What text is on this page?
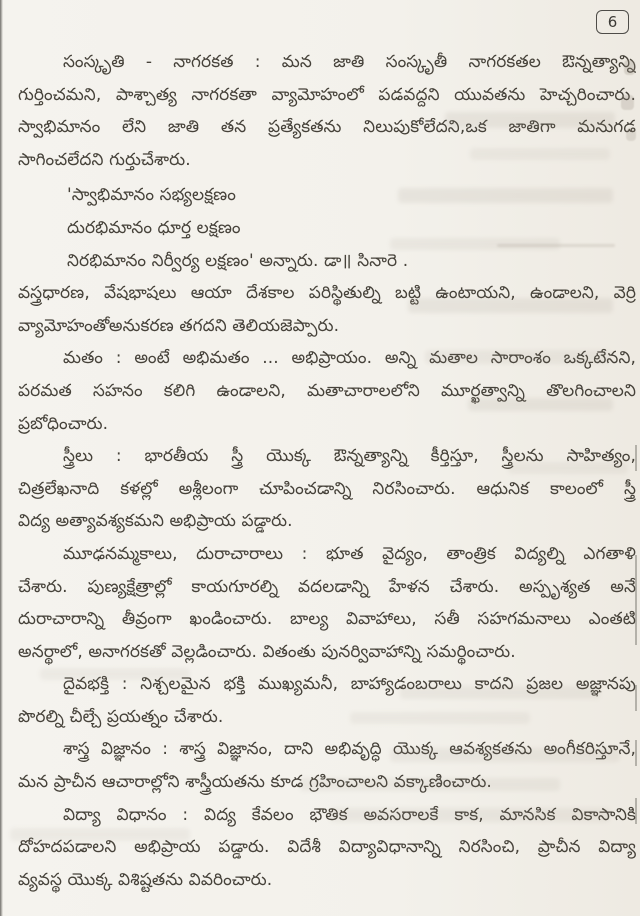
6
సంస్కృతి - నాగరకత : మన జాతి సంస్కృతీ నాగరకతల ఔన్నత్యాన్ని
గుర్తించమని, పాశ్చాత్య నాగరకతా వ్యామోహంలో పడవద్దని యువతను హెచ్చరించారు.
స్వాభిమానం లేని జాతి తన ప్రత్యేకతను నిలుపుకోలేదని,ఒక జాతిగా మనుగడ
సాగించలేదని గుర్తుచేశారు.
'స్వాభిమానం సభ్యలక్షణం
దురభిమానం ధూర్త లక్షణం
నిరభిమానం నిర్వీర్య లక్షణం' అన్నారు. డా॥ సినారె .
వస్త్రధారణ, వేషభాషలు ఆయా దేశకాల పరిస్థితుల్ని బట్టి ఉంటాయని, ఉండాలని, వెర్రి
వ్యామోహంతోఅనుకరణ తగదని తెలియజెప్పారు.
మతం : అంటే అభిమతం ... అభిప్రాయం. అన్ని మతాల సారాంశం ఒక్కటేనని,
పరమత సహనం కలిగి ఉండాలని, మతాచారాలలోని మూర్ఖత్వాన్ని తొలగించాలని
ప్రబోధించారు.
స్త్రీలు : భారతీయ స్త్రీ యొక్క ఔన్నత్యాన్ని కీర్తిస్తూ, స్త్రీలను సాహిత్యం,
చిత్రలేఖనాది కళల్లో అశ్లీలంగా చూపించడాన్ని నిరసించారు. ఆధునిక కాలంలో స్త్రీ
విద్య అత్యావశ్యకమని అభిప్రాయ పడ్డారు.
మూఢనమ్మకాలు, దురాచారాలు : భూత వైద్యం, తాంత్రిక విద్యల్ని ఎగతాళి
చేశారు. పుణ్యక్షేత్రాల్లో కాయగూరల్ని వదలడాన్ని హేళన చేశారు. అస్పృశ్యత అనే
దురాచారాన్ని తీవ్రంగా ఖండించారు. బాల్య వివాహాలు, సతీ సహగమనాలు ఎంతటి
అనర్థాలో, అనాగరకతో వెల్లడించారు. వితంతు పునర్వివాహాన్ని సమర్థించారు.
దైవభక్తి : నిశ్చలమైన భక్తి ముఖ్యమనీ, బాహ్యాడంబరాలు కాదని ప్రజల అజ్ఞానపు
పొరల్ని చీల్చే ప్రయత్నం చేశారు.
శాస్త్ర విజ్ఞానం : శాస్త్ర విజ్ఞానం, దాని అభివృద్ధి యొక్క ఆవశ్యకతను అంగీకరిస్తూనే,
మన ప్రాచీన ఆచారాల్లోని శాస్త్రీయతను కూడ గ్రహించాలని వక్కాణించారు.
విద్యా విధానం : విద్య కేవలం భౌతిక అవసరాలకే కాక, మానసిక వికాసానికి
దోహదపడాలని అభిప్రాయ పడ్డారు. విదేశీ విద్యావిధానాన్ని నిరసించి, ప్రాచీన విద్యా
వ్యవస్థ యొక్క విశిష్టతను వివరించారు.
